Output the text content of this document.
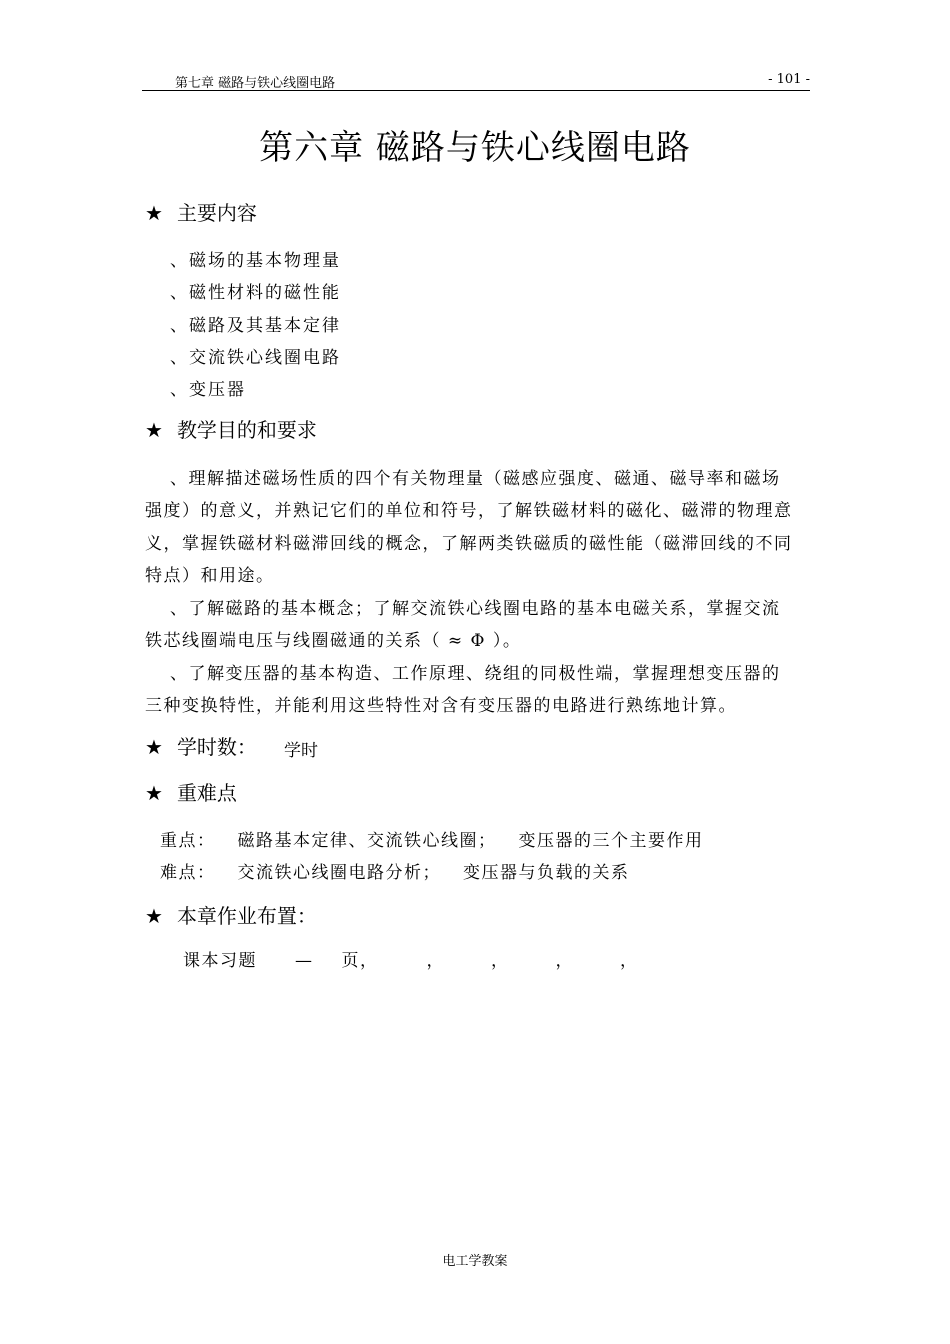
第七章 磁路与铁心线圈电路	- 101 -
第六章 磁路与铁心线圈电路
★ 主要内容
、磁场的基本物理量
、磁性材料的磁性能
、磁路及其基本定律
、交流铁心线圈电路
、变压器
★ 教学目的和要求
、理解描述磁场性质的四个有关物理量（磁感应强度、磁通、磁导率和磁场
强度）的意义，并熟记它们的单位和符号，了解铁磁材料的磁化、磁滞的物理意
义，掌握铁磁材料磁滞回线的概念，了解两类铁磁质的磁性能（磁滞回线的不同
特点）和用途。
、了解磁路的基本概念；了解交流铁心线圈电路的基本电磁关系，掌握交流
铁芯线圈端电压与线圈磁通的关系（ ≈ Φ ）。
、了解变压器的基本构造、工作原理、绕组的同极性端，掌握理想变压器的
三种变换特性，并能利用这些特性对含有变压器的电路进行熟练地计算。
★ 学时数： 学时
★ 重难点
重点： 磁路基本定律、交流铁心线圈； 变压器的三个主要作用
难点： 交流铁心线圈电路分析； 变压器与负载的关系
★ 本章作业布置：
课本习题 — 页，	，	，	，	，
电工学教案
